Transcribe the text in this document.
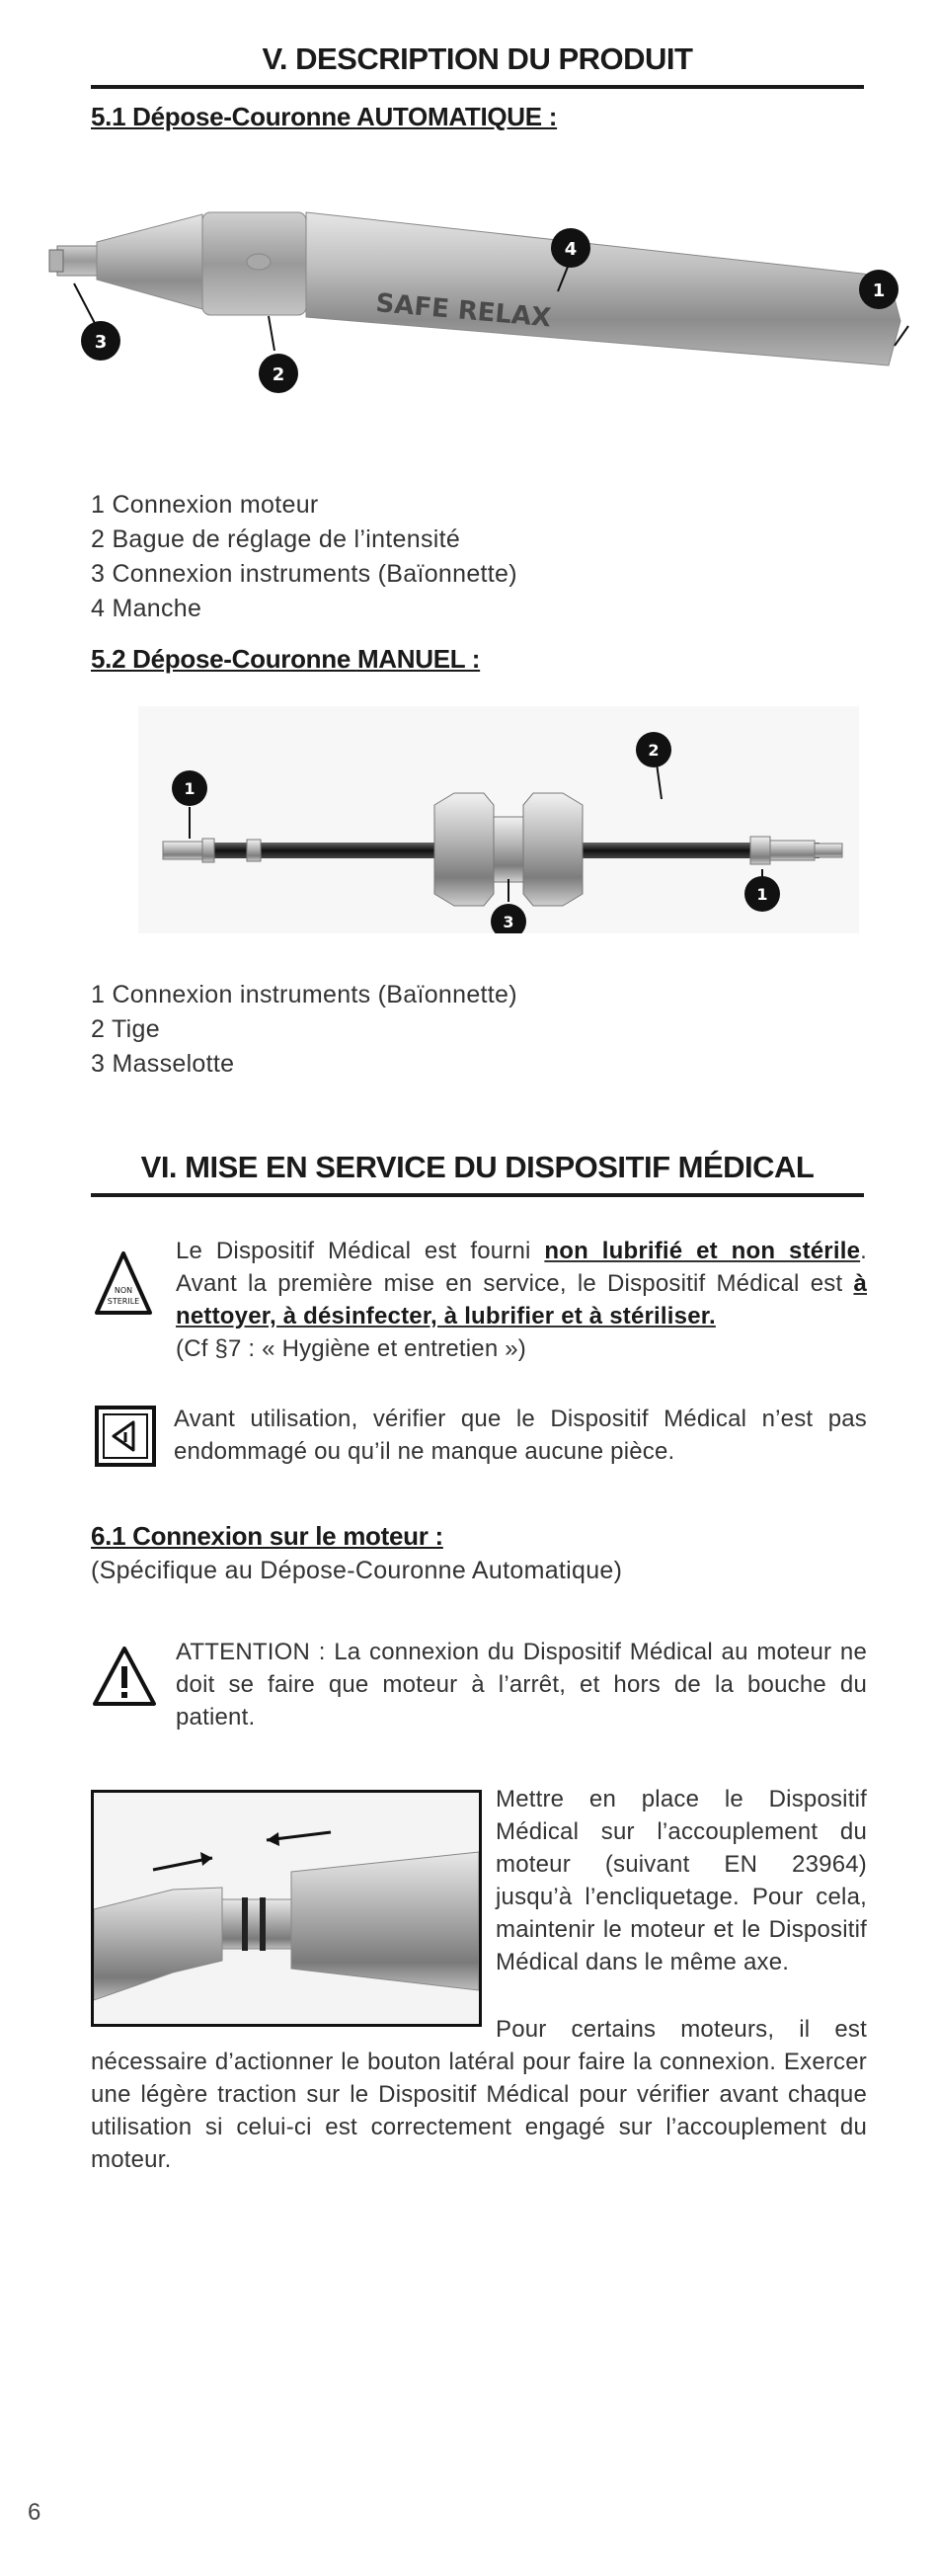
V. DESCRIPTION DU PRODUIT
5.1 Dépose-Couronne AUTOMATIQUE :
SAFE RELAX
3
2
4
1
1 Connexion moteur
2 Bague de réglage de l’intensité
3 Connexion instruments (Baïonnette)
4 Manche
5.2 Dépose-Couronne MANUEL :
1
2
3
1
1 Connexion instruments (Baïonnette)
2 Tige
3 Masselotte
VI. MISE EN SERVICE DU DISPOSITIF MÉDICAL
NON
STERILE
Le Dispositif Médical est fourni non lubrifié et non stérile. Avant la première mise en service, le Dispositif Médical est à nettoyer, à désinfecter, à lubrifier et à stériliser.
(Cf §7 : « Hygiène et entretien »)
Avant utilisation, vérifier que le Dispositif Médical n’est pas endommagé ou qu’il ne manque aucune pièce.
6.1 Connexion sur le moteur :
(Spécifique au Dépose-Couronne Automatique)
ATTENTION : La connexion du Dispositif Médical au moteur ne doit se faire que moteur à l’arrêt, et hors de la bouche du patient.
Mettre en place le Dispositif Médical sur l’accouplement du moteur (suivant EN 23964) jusqu’à l’encliquetage. Pour cela, maintenir le moteur et le Dispositif Médical dans le même axe.
Pour certains moteurs, il est nécessaire d’actionner le bouton latéral pour faire la connexion. Exercer une légère traction sur le Dispositif Médical pour vérifier avant chaque utilisation si celui-ci est correctement engagé sur l’accouplement du moteur.
6
